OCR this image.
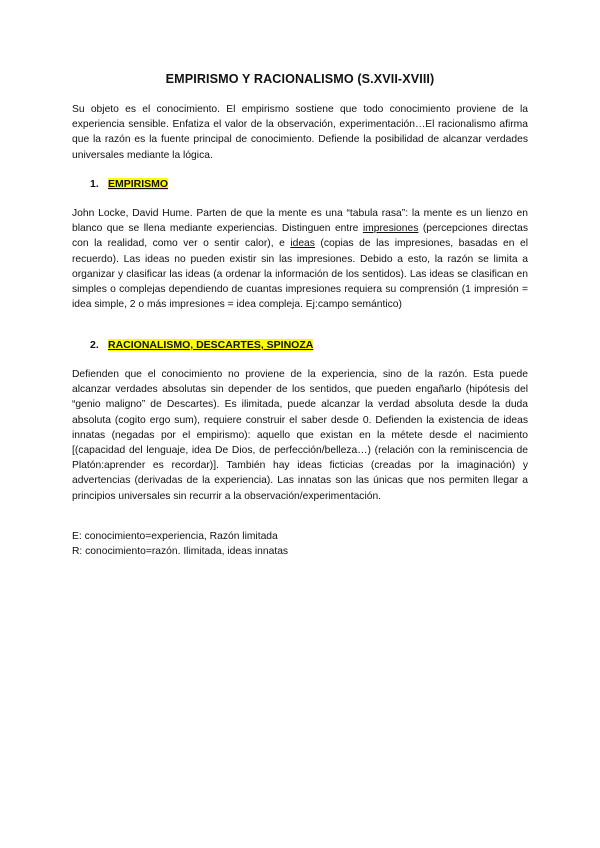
EMPIRISMO Y RACIONALISMO (S.XVII-XVIII)

Su objeto es el conocimiento. El empirismo sostiene que todo conocimiento proviene de la experiencia sensible. Enfatiza el valor de la observación, experimentación…El racionalismo afirma que la razón es la fuente principal de conocimiento. Defiende la posibilidad de alcanzar verdades universales mediante la lógica.

1. EMPIRISMO

John Locke, David Hume. Parten de que la mente es una “tabula rasa”: la mente es un lienzo en blanco que se llena mediante experiencias. Distinguen entre impresiones (percepciones directas con la realidad, como ver o sentir calor), e ideas (copias de las impresiones, basadas en el recuerdo). Las ideas no pueden existir sin las impresiones. Debido a esto, la razón se limita a organizar y clasificar las ideas (a ordenar la información de los sentidos). Las ideas se clasifican en simples o complejas dependiendo de cuantas impresiones requiera su comprensión (1 impresión = idea simple, 2 o más impresiones = idea compleja. Ej:campo semántico)

2. RACIONALISMO, DESCARTES, SPINOZA

Defienden que el conocimiento no proviene de la experiencia, sino de la razón. Esta puede alcanzar verdades absolutas sin depender de los sentidos, que pueden engañarlo (hipótesis del “genio maligno” de Descartes). Es ilimitada, puede alcanzar la verdad absoluta desde la duda absoluta (cogito ergo sum), requiere construir el saber desde 0. Defienden la existencia de ideas innatas (negadas por el empirismo): aquello que existan en la métete desde el nacimiento [(capacidad del lenguaje, idea De Dios, de perfección/belleza…) (relación con la reminiscencia de Platón:aprender es recordar)]. También hay ideas ficticias (creadas por la imaginación) y advertencias (derivadas de la experiencia). Las innatas son las únicas que nos permiten llegar a principios universales sin recurrir a la observación/experimentación.

E: conocimiento=experiencia, Razón limitada
R: conocimiento=razón. Ilimitada, ideas innatas
